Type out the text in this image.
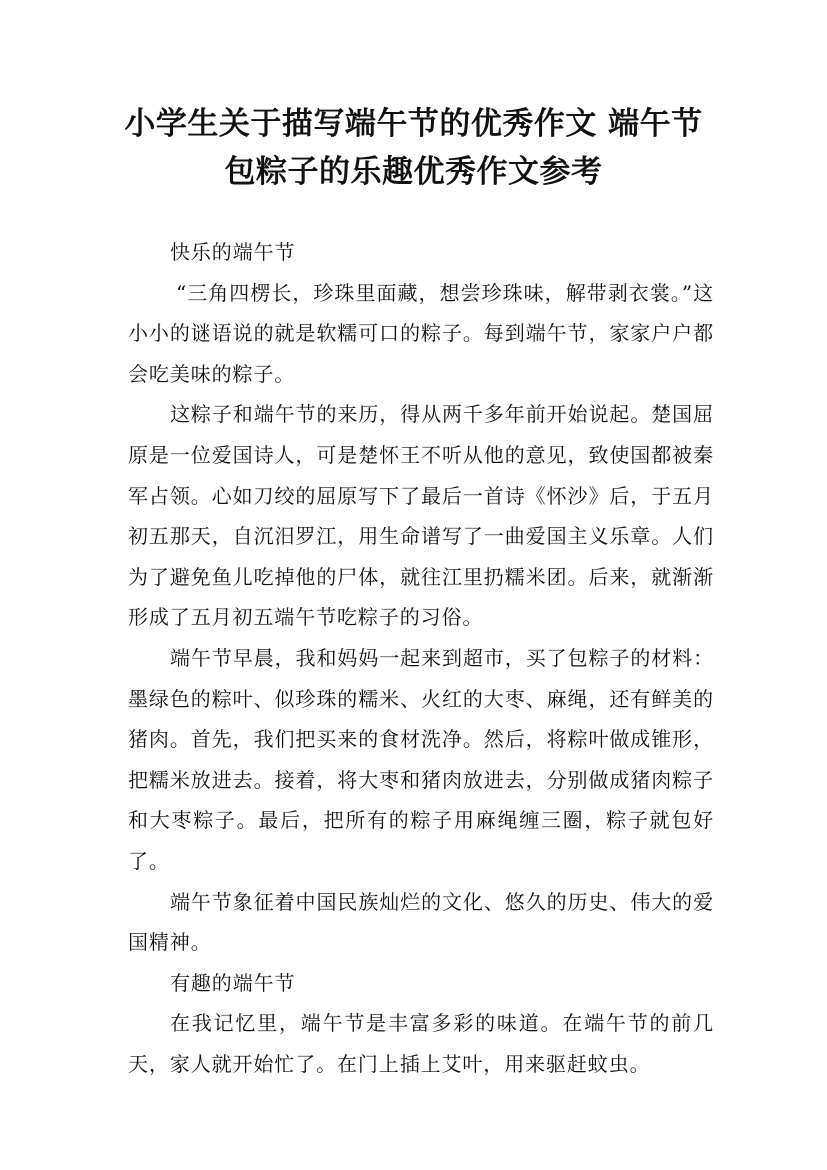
小学生关于描写端午节的优秀作文 端午节
包粽子的乐趣优秀作文参考

快乐的端午节

“三角四楞长，珍珠里面藏，想尝珍珠味，解带剥衣裳。”这小小的谜语说的就是软糯可口的粽子。每到端午节，家家户户都会吃美味的粽子。

这粽子和端午节的来历，得从两千多年前开始说起。楚国屈原是一位爱国诗人，可是楚怀王不听从他的意见，致使国都被秦军占领。心如刀绞的屈原写下了最后一首诗《怀沙》后，于五月初五那天，自沉汨罗江，用生命谱写了一曲爱国主义乐章。人们为了避免鱼儿吃掉他的尸体，就往江里扔糯米团。后来，就渐渐形成了五月初五端午节吃粽子的习俗。

端午节早晨，我和妈妈一起来到超市，买了包粽子的材料：墨绿色的粽叶、似珍珠的糯米、火红的大枣、麻绳，还有鲜美的猪肉。首先，我们把买来的食材洗净。然后，将粽叶做成锥形，把糯米放进去。接着，将大枣和猪肉放进去，分别做成猪肉粽子和大枣粽子。最后，把所有的粽子用麻绳缠三圈，粽子就包好了。

端午节象征着中国民族灿烂的文化、悠久的历史、伟大的爱国精神。

有趣的端午节

在我记忆里，端午节是丰富多彩的味道。在端午节的前几天，家人就开始忙了。在门上插上艾叶，用来驱赶蚊虫。
